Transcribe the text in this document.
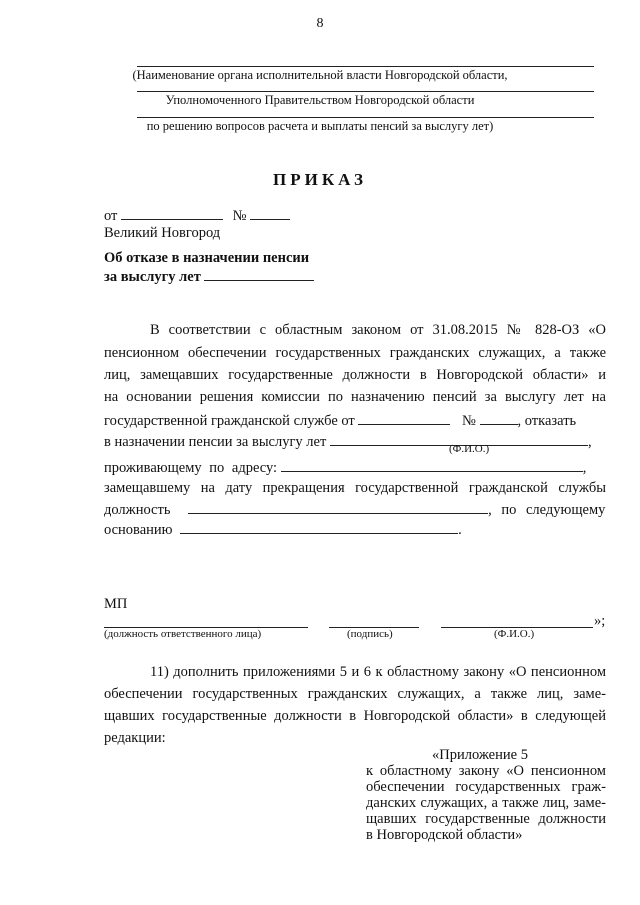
8
(Наименование органа исполнительной власти Новгородской области,
Уполномоченного Правительством Новгородской области
по решению вопросов расчета и выплаты пенсий за выслугу лет)
ПРИКАЗ
от	№
Великий Новгород
Об отказе в назначении пенсии
за выслугу лет
В соответствии с областным законом от 31.08.2015 № 828-ОЗ «О
пенсионном обеспечении государственных гражданских служащих, а также
лиц, замещавших государственные должности в Новгородской области» и
на основании решения комиссии по назначению пенсий за выслугу лет на
государственной гражданской службе от	№	, отказать
в назначении пенсии за выслугу лет	,
(Ф.И.О.)
проживающему по адресу:	,
замещавшему на дату прекращения государственной гражданской службы
должность	, по следующему
основанию	.
МП
»;
(должность ответственного лица)	(подпись)	(Ф.И.О.)
11) дополнить приложениями 5 и 6 к областному закону «О пенсионном
обеспечении государственных гражданских служащих, а также лиц, заме-
щавших государственные должности в Новгородской области» в следующей
редакции:
«Приложение 5
к областному закону «О пенсионном
обеспечении государственных граж-
данских служащих, а также лиц, заме-
щавших государственные должности
в Новгородской области»
